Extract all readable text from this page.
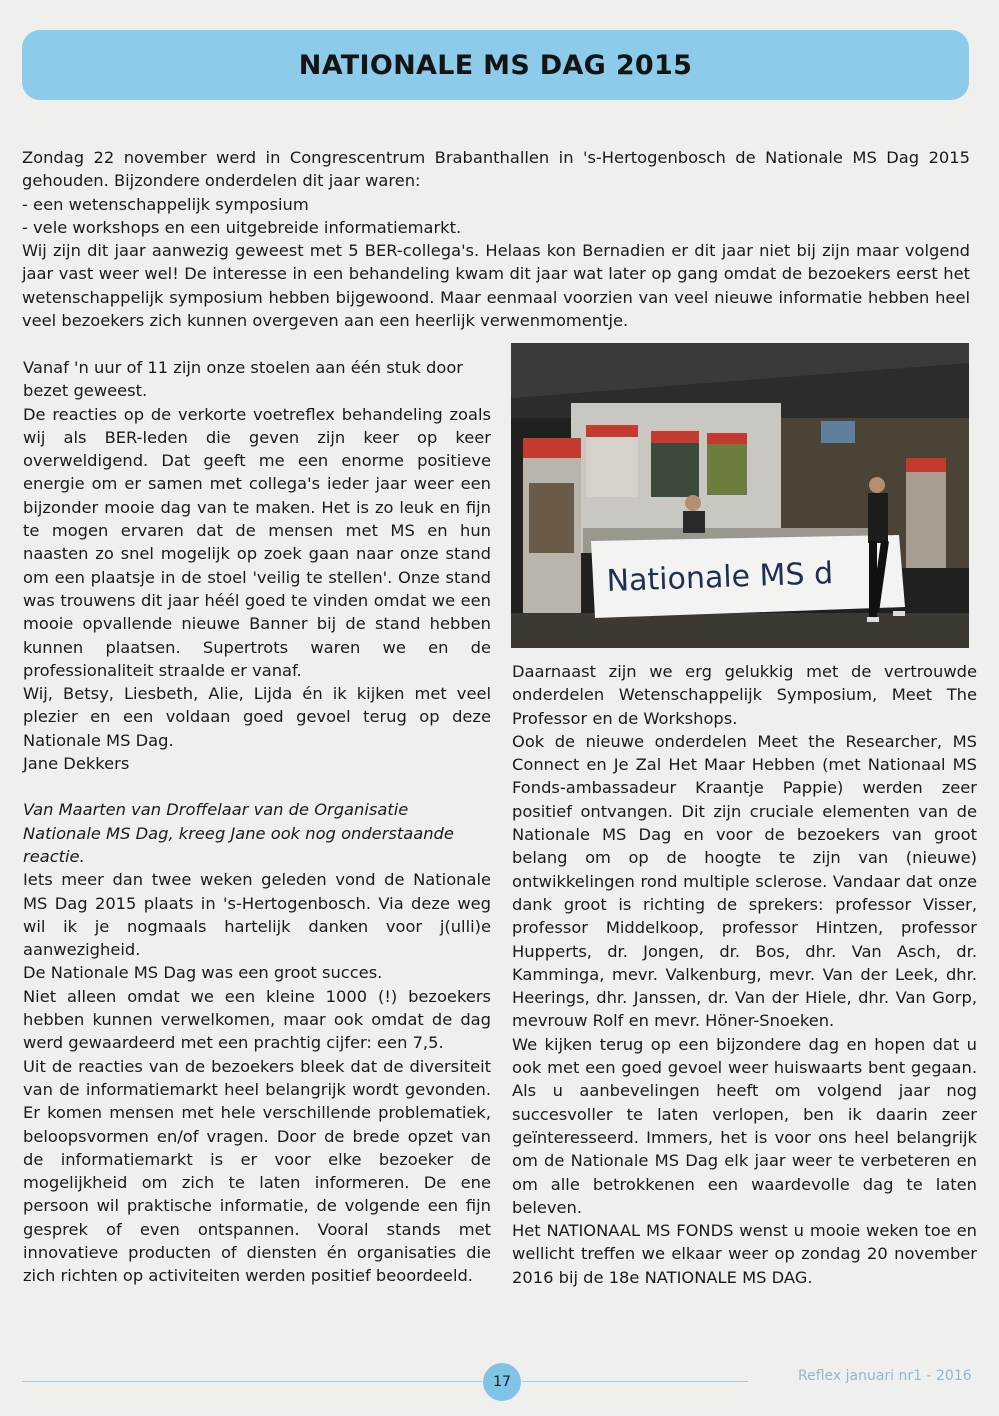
NATIONALE MS DAG 2015

Zondag 22 november werd in Congrescentrum Brabanthallen in 's-Hertogenbosch de Nationale MS Dag 2015 gehouden. Bijzondere onderdelen dit jaar waren:

- een wetenschappelijk symposium

- vele workshops en een uitgebreide informatiemarkt.

Wij zijn dit jaar aanwezig geweest met 5 BER-collega's. Helaas kon Bernadien er dit jaar niet bij zijn maar volgend jaar vast weer wel! De interesse in een behandeling kwam dit jaar wat later op gang omdat de bezoekers eerst het wetenschappelijk symposium hebben bijgewoond. Maar eenmaal voorzien van veel nieuwe informatie hebben heel veel bezoekers zich kunnen overgeven aan een heerlijk verwenmomentje.

Vanaf 'n uur of 11 zijn onze stoelen aan één stuk door bezet geweest.

De reacties op de verkorte voetreflex behandeling zoals wij als BER-leden die geven zijn keer op keer overweldigend. Dat geeft me een enorme positieve energie om er samen met collega's ieder jaar weer een bijzonder mooie dag van te maken. Het is zo leuk en fijn te mogen ervaren dat de mensen met MS en hun naasten zo snel mogelijk op zoek gaan naar onze stand om een plaatsje in de stoel 'veilig te stellen'. Onze stand was trouwens dit jaar héél goed te vinden omdat we een mooie opvallende nieuwe Banner bij de stand hebben kunnen plaatsen. Supertrots waren we en de professionaliteit straalde er vanaf.

Wij, Betsy, Liesbeth, Alie, Lijda én ik kijken met veel plezier en een voldaan goed gevoel terug op deze Nationale MS Dag.

Jane Dekkers

Van Maarten van Droffelaar van de Organisatie Nationale MS Dag, kreeg Jane ook nog onderstaande reactie.

Iets meer dan twee weken geleden vond de Nationale MS Dag 2015 plaats in 's-Hertogenbosch. Via deze weg wil ik je nogmaals hartelijk danken voor j(ulli)e aanwezigheid.

De Nationale MS Dag was een groot succes.

Niet alleen omdat we een kleine 1000 (!) bezoekers hebben kunnen verwelkomen, maar ook omdat de dag werd gewaardeerd met een prachtig cijfer: een 7,5.

Uit de reacties van de bezoekers bleek dat de diversiteit van de informatiemarkt heel belangrijk wordt gevonden. Er komen mensen met hele verschillende problematiek, beloopsvormen en/of vragen. Door de brede opzet van de informatiemarkt is er voor elke bezoeker de mogelijkheid om zich te laten informeren. De ene persoon wil praktische informatie, de volgende een fijn gesprek of even ontspannen. Vooral stands met innovatieve producten of diensten én organisaties die zich richten op activiteiten werden positief beoordeeld.

Nationale MS d

Daarnaast zijn we erg gelukkig met de vertrouwde onderdelen Wetenschappelijk Symposium, Meet The Professor en de Workshops.

Ook de nieuwe onderdelen Meet the Researcher, MS Connect en Je Zal Het Maar Hebben (met Nationaal MS Fonds-ambassadeur Kraantje Pappie) werden zeer positief ontvangen. Dit zijn cruciale elementen van de Nationale MS Dag en voor de bezoekers van groot belang om op de hoogte te zijn van (nieuwe) ontwikkelingen rond multiple sclerose. Vandaar dat onze dank groot is richting de sprekers: professor Visser, professor Middelkoop, professor Hintzen, professor Hupperts, dr. Jongen, dr. Bos, dhr. Van Asch, dr. Kamminga, mevr. Valkenburg, mevr. Van der Leek, dhr. Heerings, dhr. Janssen, dr. Van der Hiele, dhr. Van Gorp, mevrouw Rolf en mevr. Höner-Snoeken.

We kijken terug op een bijzondere dag en hopen dat u ook met een goed gevoel weer huiswaarts bent gegaan. Als u aanbevelingen heeft om volgend jaar nog succesvoller te laten verlopen, ben ik daarin zeer geïnteresseerd. Immers, het is voor ons heel belangrijk om de Nationale MS Dag elk jaar weer te verbeteren en om alle betrokkenen een waardevolle dag te laten beleven.

Het NATIONAAL MS FONDS wenst u mooie weken toe en wellicht treffen we elkaar weer op zondag 20 november 2016 bij de 18e NATIONALE MS DAG.

17	Reflex januari nr1 - 2016
